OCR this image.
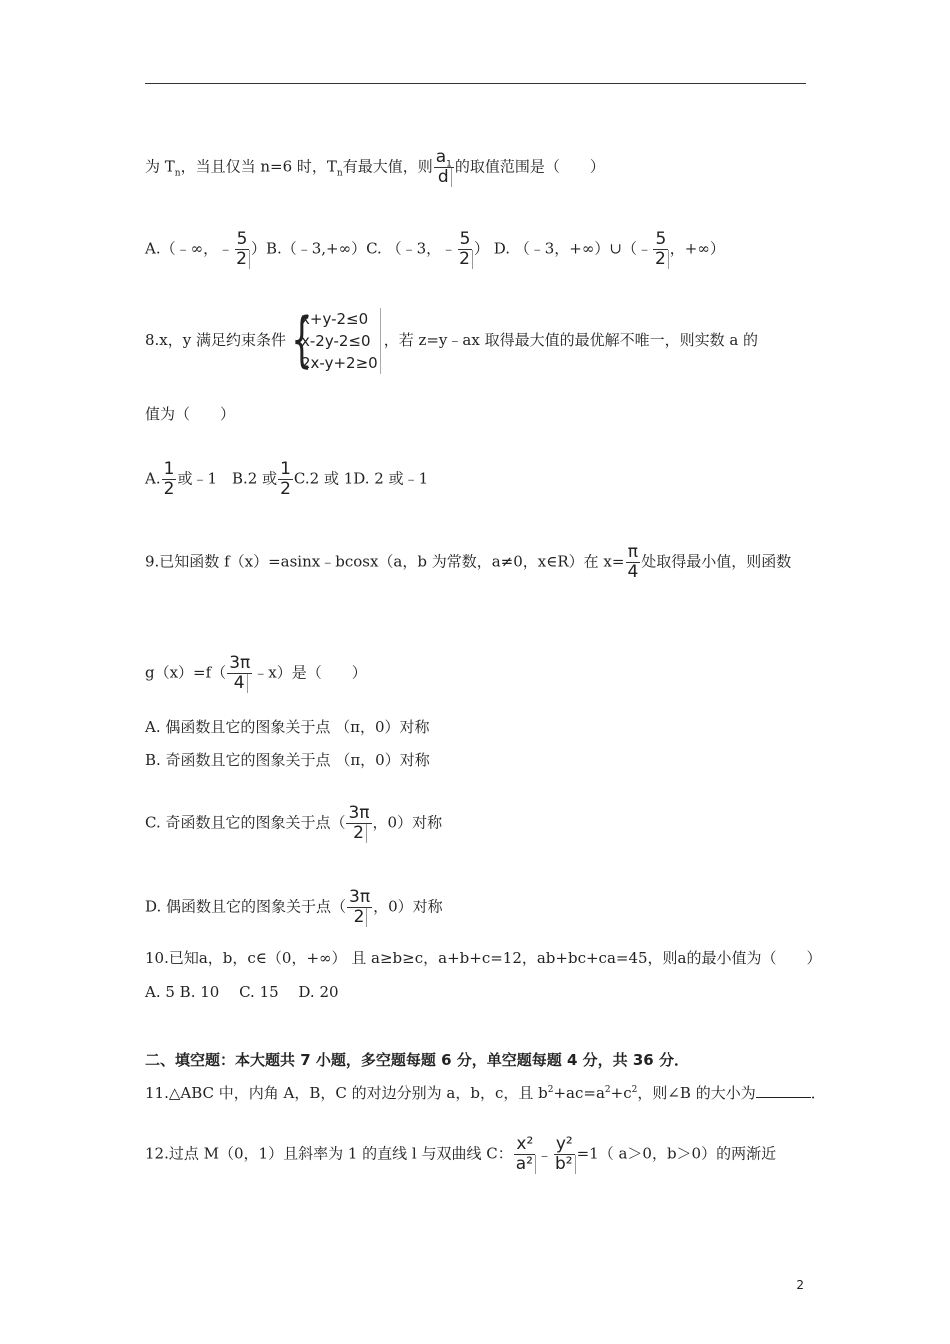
为 $T_n$，当且仅当 n=6 时，$T_n$有最大值，则 $\frac{a_1}{d}$ 的取值范围是（　　）
A.（﹣∞，﹣ $\frac{5}{2}$ ）B.（﹣3,+∞）C. （﹣3，﹣ $\frac{5}{2}$ ） D. （﹣3，+∞）∪（﹣ $\frac{5}{2}$ ，+∞）
8.x，y 满足约束条件 {
x+y-2≤0
x-2y-2≤0
2x-y+2≥0
，若 z=y﹣ax 取得最大值的最优解不唯一，则实数 a 的
值为（　　）
A. $\frac{1}{2}$ 或﹣1　B.2 或 $\frac{1}{2} C.2$ 或 1D. 2 或﹣1
9.已知函数 f（x）=asinx﹣bcosx（a，b 为常数，a≠0，x∈R）在 $x= \frac{\pi}{4}$ 处取得最小值，则函数
$g(x)=f( \frac{3\pi}{4}$ ﹣x）是（　　）
A. 偶函数且它的图象关于点 （π，0）对称
B. 奇函数且它的图象关于点 （π，0）对称
C. 奇函数且它的图象关于点（ $\frac{3\pi}{2}$ ，0）对称
D. 偶函数且它的图象关于点（ $\frac{3\pi}{2}$ ，0）对称
10.已知a，b，c∈（0，+∞） 且 a≥b≥c，a+b+c=12，ab+bc+ca=45，则a的最小值为（　　）
A. 5 B. 10　 C. 15　 D. 20
二、填空题：本大题共 7 小题，多空题每题 6 分，单空题每题 4 分，共 36 分．
11.△ABC 中，内角 A，B，C 的对边分别为 a，b，c，且 $b^2+ac=a^2+c^2$，则∠B 的大小为	．
12.过点 M（0，1）且斜率为 1 的直线 l 与双曲线 C： $\frac{\text{x²}}{\text{a²}}$ ﹣ $\frac{\text{y²}}{\text{b²}} =1$（ a＞0，b＞0）的两渐近
2
